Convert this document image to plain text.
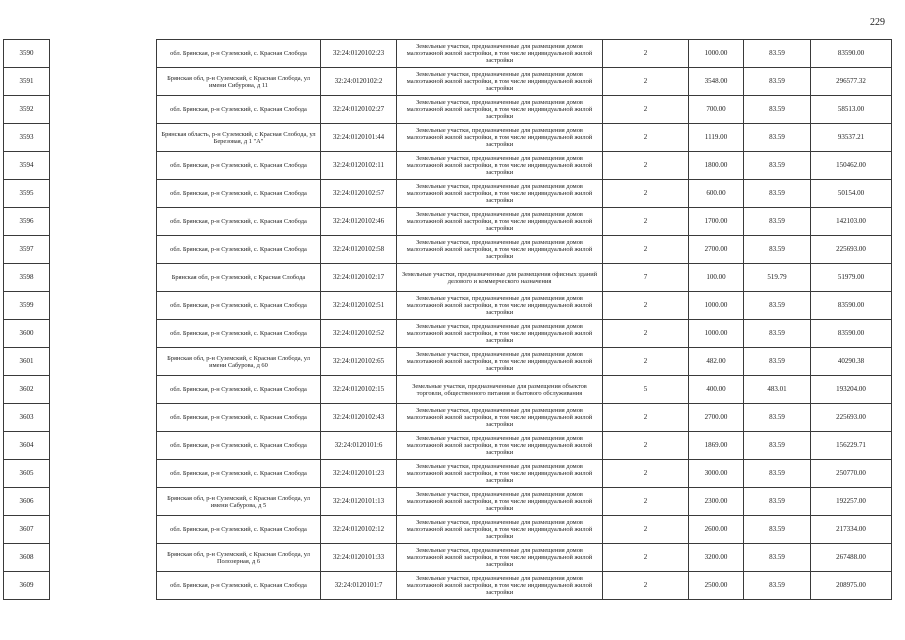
229
3590		обл. Брянская, р-н Суземский, с. Красная Слобода	32:24:0120102:23	Земельные участки, предназначенные для размещения домов малоэтажной жилой застройки, в том числе индивидуальной жилой застройки	2	1000.00	83.59	83590.00
3591		Брянская обл, р-н Суземский, с Красная Слобода, ул имени Сибурова, д 11	32:24:0120102:2	Земельные участки, предназначенные для размещения домов малоэтажной жилой застройки, в том числе индивидуальной жилой застройки	2	3548.00	83.59	296577.32
3592		обл. Брянская, р-н Суземский, с. Красная Слобода	32:24:0120102:27	Земельные участки, предназначенные для размещения домов малоэтажной жилой застройки, в том числе индивидуальной жилой застройки	2	700.00	83.59	58513.00
3593		Брянская область, р-н Суземский, с Красная Слобода, ул Березовая, д 1 "А"	32:24:0120101:44	Земельные участки, предназначенные для размещения домов малоэтажной жилой застройки, в том числе индивидуальной жилой застройки	2	1119.00	83.59	93537.21
3594		обл. Брянская, р-н Суземский, с. Красная Слобода	32:24:0120102:11	Земельные участки, предназначенные для размещения домов малоэтажной жилой застройки, в том числе индивидуальной жилой застройки	2	1800.00	83.59	150462.00
3595		обл. Брянская, р-н Суземский, с. Красная Слобода	32:24:0120102:57	Земельные участки, предназначенные для размещения домов малоэтажной жилой застройки, в том числе индивидуальной жилой застройки	2	600.00	83.59	50154.00
3596		обл. Брянская, р-н Суземский, с. Красная Слобода	32:24:0120102:46	Земельные участки, предназначенные для размещения домов малоэтажной жилой застройки, в том числе индивидуальной жилой застройки	2	1700.00	83.59	142103.00
3597		обл. Брянская, р-н Суземский, с. Красная Слобода	32:24:0120102:58	Земельные участки, предназначенные для размещения домов малоэтажной жилой застройки, в том числе индивидуальной жилой застройки	2	2700.00	83.59	225693.00
3598		Брянская обл, р-н Суземский, с Красная Слобода	32:24:0120102:17	Земельные участки, предназначенные для размещения офисных зданий делового и коммерческого назначения	7	100.00	519.79	51979.00
3599		обл. Брянская, р-н Суземский, с. Красная Слобода	32:24:0120102:51	Земельные участки, предназначенные для размещения домов малоэтажной жилой застройки, в том числе индивидуальной жилой застройки	2	1000.00	83.59	83590.00
3600		обл. Брянская, р-н Суземский, с. Красная Слобода	32:24:0120102:52	Земельные участки, предназначенные для размещения домов малоэтажной жилой застройки, в том числе индивидуальной жилой застройки	2	1000.00	83.59	83590.00
3601		Брянская обл, р-н Суземский, с Красная Слобода, ул имени Сабурова, д 60	32:24:0120102:65	Земельные участки, предназначенные для размещения домов малоэтажной жилой застройки, в том числе индивидуальной жилой застройки	2	482.00	83.59	40290.38
3602		обл. Брянская, р-н Суземский, с. Красная Слобода	32:24:0120102:15	Земельные участки, предназначенные для размещения объектов торговли, общественного питания и бытового обслуживания	5	400.00	483.01	193204.00
3603		обл. Брянская, р-н Суземский, с. Красная Слобода	32:24:0120102:43	Земельные участки, предназначенные для размещения домов малоэтажной жилой застройки, в том числе индивидуальной жилой застройки	2	2700.00	83.59	225693.00
3604		обл. Брянская, р-н Суземский, с. Красная Слобода	32:24:0120101:6	Земельные участки, предназначенные для размещения домов малоэтажной жилой застройки, в том числе индивидуальной жилой застройки	2	1869.00	83.59	156229.71
3605		обл. Брянская, р-н Суземский, с. Красная Слобода	32:24:0120101:23	Земельные участки, предназначенные для размещения домов малоэтажной жилой застройки, в том числе индивидуальной жилой застройки	2	3000.00	83.59	250770.00
3606		Брянская обл, р-н Суземский, с Красная Слобода, ул имени Сабурова, д 5	32:24:0120101:13	Земельные участки, предназначенные для размещения домов малоэтажной жилой застройки, в том числе индивидуальной жилой застройки	2	2300.00	83.59	192257.00
3607		обл. Брянская, р-н Суземский, с. Красная Слобода	32:24:0120102:12	Земельные участки, предназначенные для размещения домов малоэтажной жилой застройки, в том числе индивидуальной жилой застройки	2	2600.00	83.59	217334.00
3608		Брянская обл, р-н Суземский, с Красная Слобода, ул Полозерная, д 6	32:24:0120101:33	Земельные участки, предназначенные для размещения домов малоэтажной жилой застройки, в том числе индивидуальной жилой застройки	2	3200.00	83.59	267488.00
3609		обл. Брянская, р-н Суземский, с. Красная Слобода	32:24:0120101:7	Земельные участки, предназначенные для размещения домов малоэтажной жилой застройки, в том числе индивидуальной жилой застройки	2	2500.00	83.59	208975.00
